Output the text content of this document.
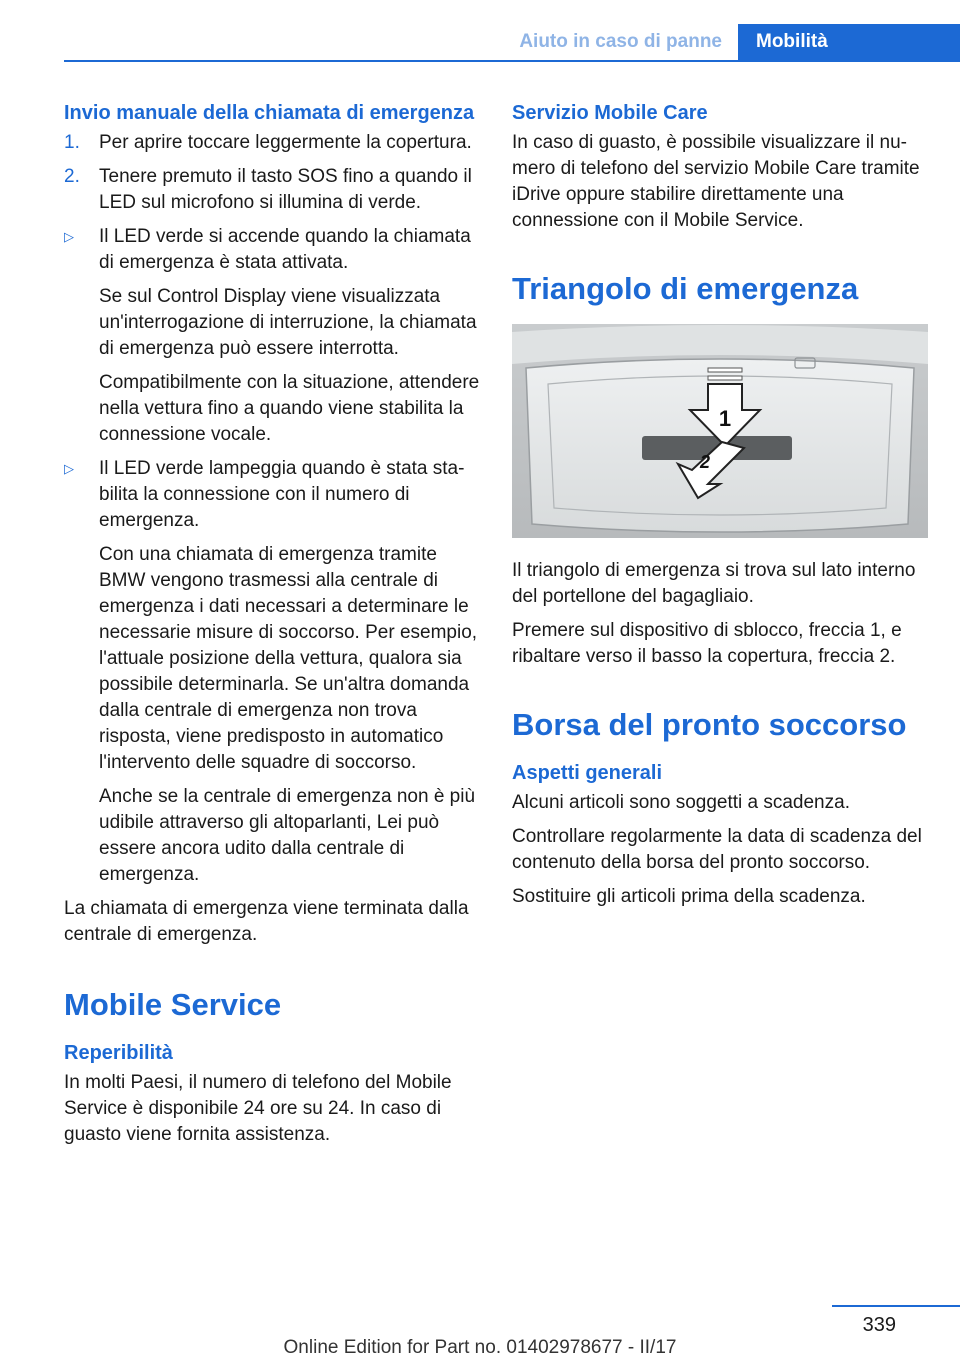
Aiuto in caso di panne	Mobilità
Invio manuale della chiamata di emergenza
1. Per aprire toccare leggermente la copertura.
2. Tenere premuto il tasto SOS fino a quando il LED sul microfono si illumina di verde.
▷ Il LED verde si accende quando la chiamata di emergenza è stata attivata.

Se sul Control Display viene visualizzata un'interrogazione di interruzione, la chiamata di emergenza può essere interrotta.

Compatibilmente con la situazione, attendere nella vettura fino a quando viene stabilita la connessione vocale.

▷ Il LED verde lampeggia quando è stata stabilita la connessione con il numero di emergenza.

Con una chiamata di emergenza tramite BMW vengono trasmessi alla centrale di emergenza i dati necessari a determinare le necessarie misure di soccorso. Per esempio, l'attuale posizione della vettura, qualora sia possibile determinarla. Se un'altra domanda dalla centrale di emergenza non trova risposta, viene predisposto in automatico l'intervento delle squadre di soccorso.

Anche se la centrale di emergenza non è più udibile attraverso gli altoparlanti, Lei può essere ancora udito dalla centrale di emergenza.

La chiamata di emergenza viene terminata dalla centrale di emergenza.

Mobile Service
Reperibilità

In molti Paesi, il numero di telefono del Mobile Service è disponibile 24 ore su 24. In caso di guasto viene fornita assistenza.

Servizio Mobile Care

In caso di guasto, è possibile visualizzare il numero di telefono del servizio Mobile Care tramite iDrive oppure stabilire direttamente una connessione con il Mobile Service.

Triangolo di emergenza
1
2

Il triangolo di emergenza si trova sul lato interno del portellone del bagagliaio.

Premere sul dispositivo di sblocco, freccia 1, e ribaltare verso il basso la copertura, freccia 2.

Borsa del pronto soccorso
Aspetti generali

Alcuni articoli sono soggetti a scadenza.

Controllare regolarmente la data di scadenza del contenuto della borsa del pronto soccorso.

Sostituire gli articoli prima della scadenza.

339
Online Edition for Part no. 01402978677 - II/17
